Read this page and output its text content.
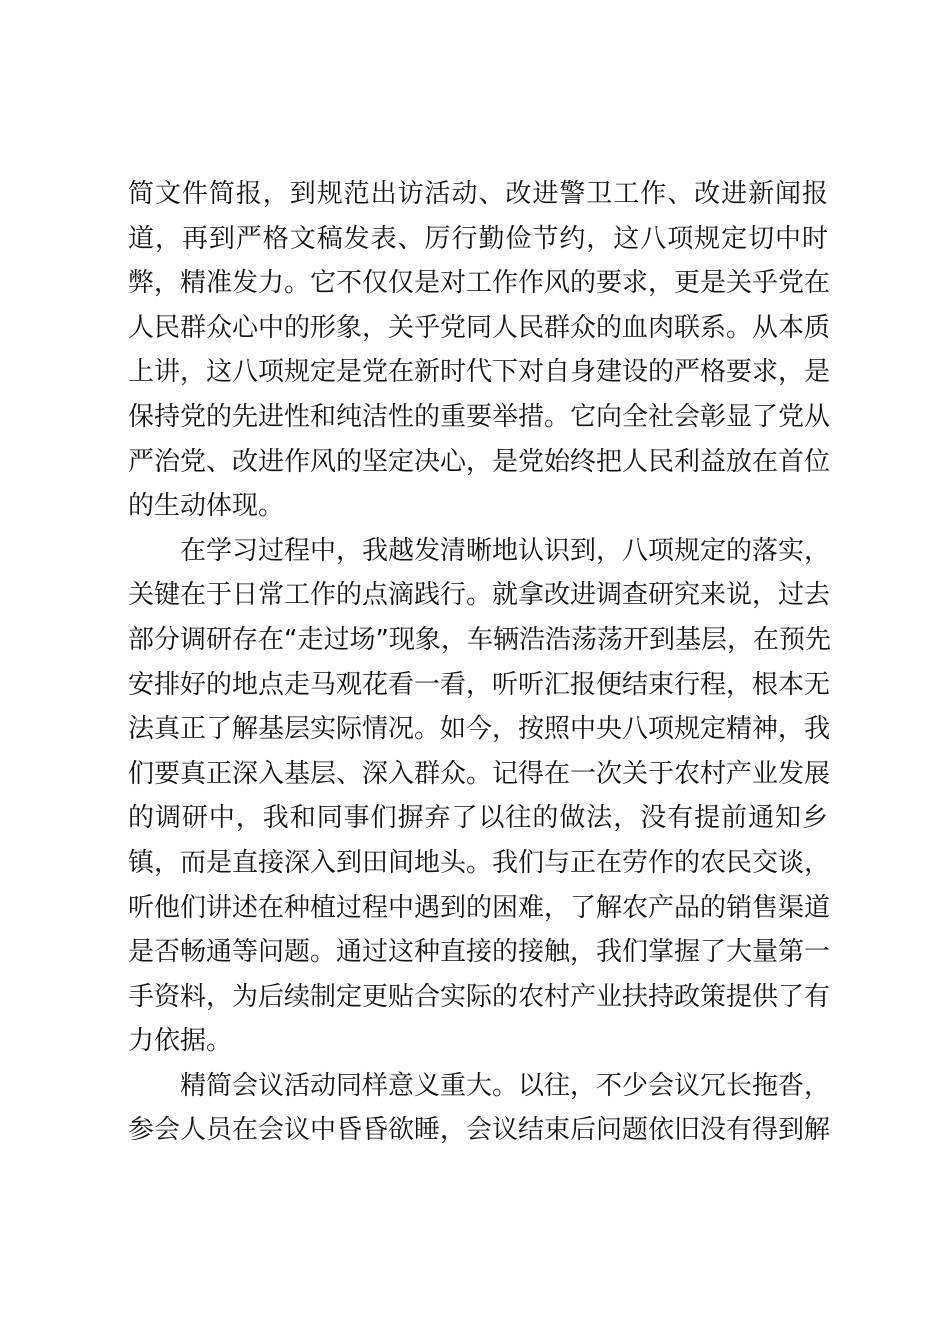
简文件简报，到规范出访活动、改进警卫工作、改进新闻报
道，再到严格文稿发表、厉行勤俭节约，这八项规定切中时
弊，精准发力。它不仅仅是对工作作风的要求，更是关乎党在
人民群众心中的形象，关乎党同人民群众的血肉联系。从本质
上讲，这八项规定是党在新时代下对自身建设的严格要求，是
保持党的先进性和纯洁性的重要举措。它向全社会彰显了党从
严治党、改进作风的坚定决心，是党始终把人民利益放在首位
的生动体现。
在学习过程中，我越发清晰地认识到，八项规定的落实，
关键在于日常工作的点滴践行。就拿改进调查研究来说，过去
部分调研存在“走过场”现象，车辆浩浩荡荡开到基层，在预先
安排好的地点走马观花看一看，听听汇报便结束行程，根本无
法真正了解基层实际情况。如今，按照中央八项规定精神，我
们要真正深入基层、深入群众。记得在一次关于农村产业发展
的调研中，我和同事们摒弃了以往的做法，没有提前通知乡
镇，而是直接深入到田间地头。我们与正在劳作的农民交谈，
听他们讲述在种植过程中遇到的困难，了解农产品的销售渠道
是否畅通等问题。通过这种直接的接触，我们掌握了大量第一
手资料，为后续制定更贴合实际的农村产业扶持政策提供了有
力依据。
精简会议活动同样意义重大。以往，不少会议冗长拖沓，
参会人员在会议中昏昏欲睡，会议结束后问题依旧没有得到解
